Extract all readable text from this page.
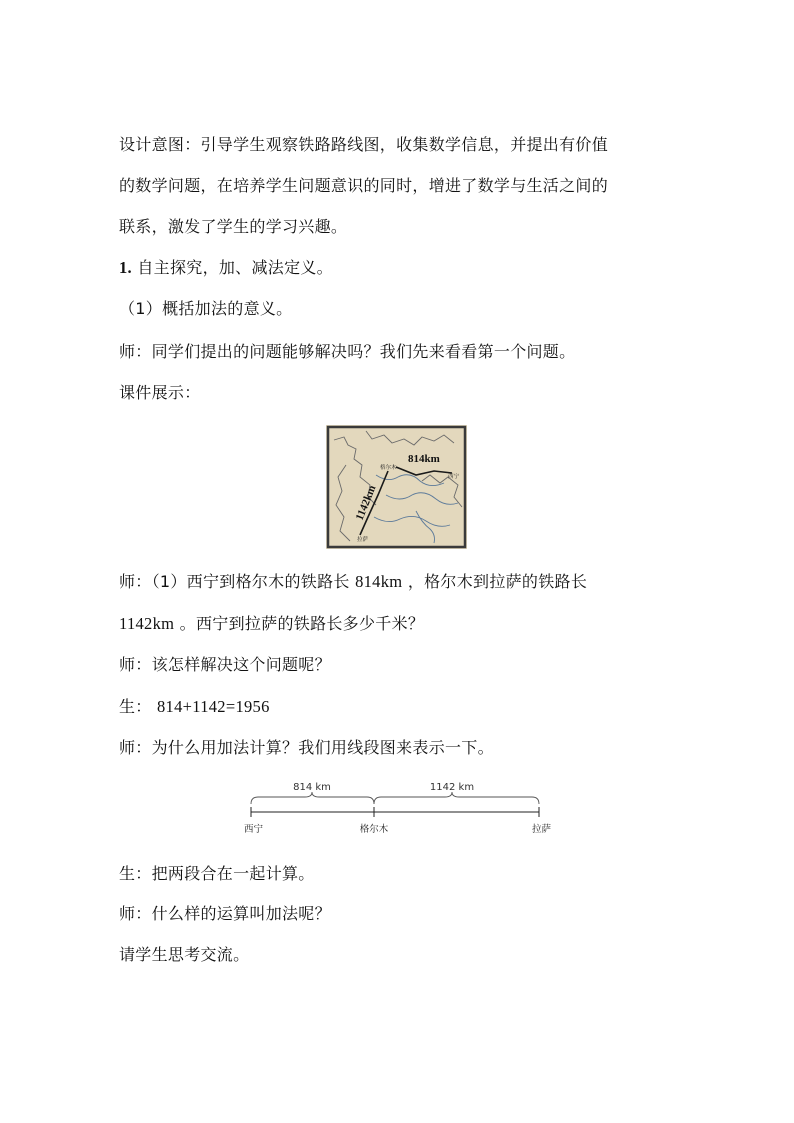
设计意图：引导学生观察铁路路线图，收集数学信息，并提出有价值
的数学问题，在培养学生问题意识的同时，增进了数学与生活之间的
联系，激发了学生的学习兴趣。
1. 自主探究，加、减法定义。
（1）概括加法的意义。
师：同学们提出的问题能够解决吗？我们先来看看第一个问题。
课件展示：
814km
格尔木
西宁
拉萨
1142km
师：（1）西宁到格尔木的铁路长 814km ，格尔木到拉萨的铁路长
1142km 。西宁到拉萨的铁路长多少千米？
师：该怎样解决这个问题呢？
生： 814+1142=1956
师：为什么用加法计算？我们用线段图来表示一下。
814 km	1142 km
西宁	格尔木	拉萨
生：把两段合在一起计算。
师：什么样的运算叫加法呢？
请学生思考交流。
